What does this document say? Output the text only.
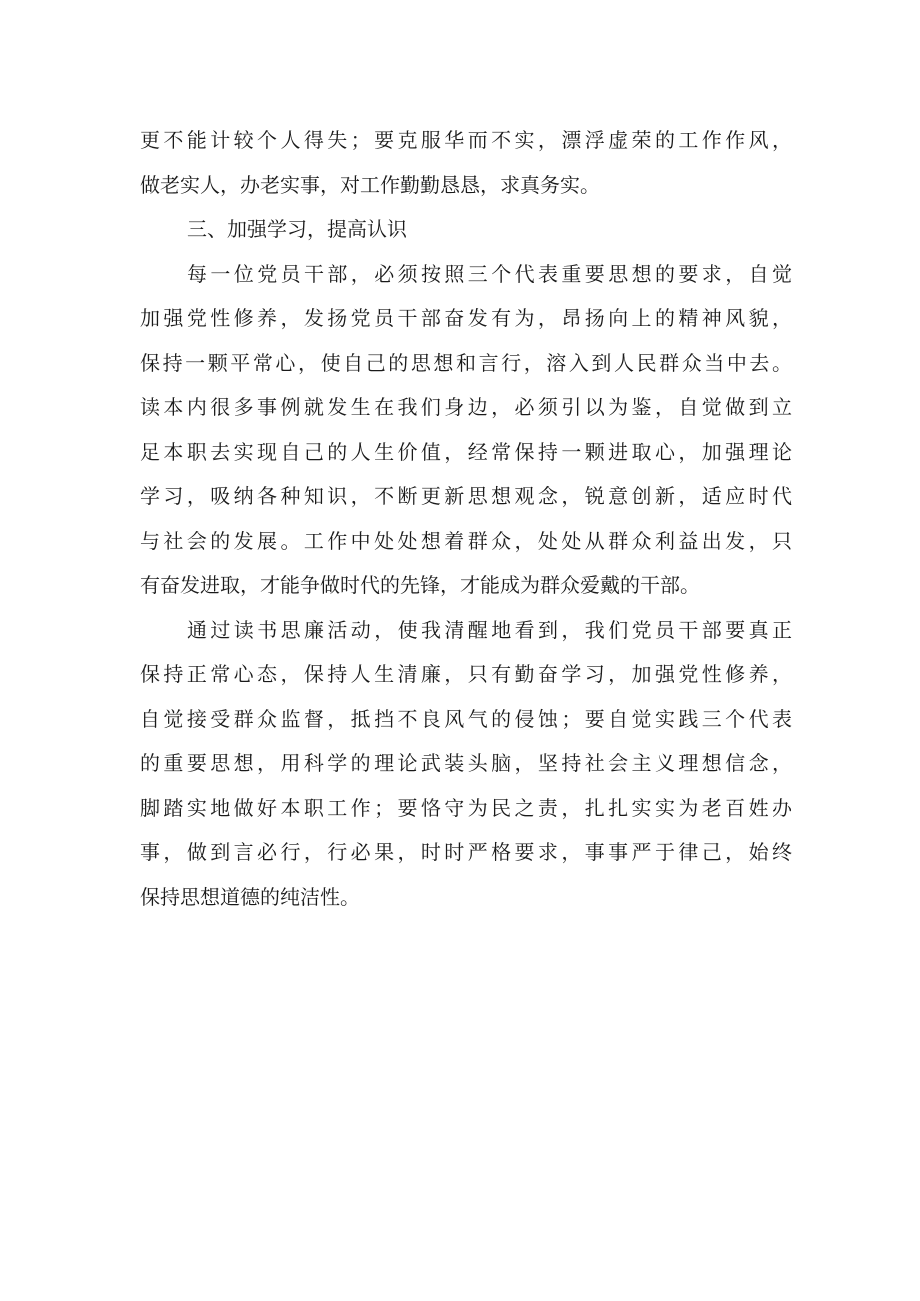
更不能计较个人得失；要克服华而不实，漂浮虚荣的工作作风，
做老实人，办老实事，对工作勤勤恳恳，求真务实。
三、加强学习，提高认识
每一位党员干部，必须按照三个代表重要思想的要求，自觉
加强党性修养，发扬党员干部奋发有为，昂扬向上的精神风貌，
保持一颗平常心，使自己的思想和言行，溶入到人民群众当中去。
读本内很多事例就发生在我们身边，必须引以为鉴，自觉做到立
足本职去实现自己的人生价值，经常保持一颗进取心，加强理论
学习，吸纳各种知识，不断更新思想观念，锐意创新，适应时代
与社会的发展。工作中处处想着群众，处处从群众利益出发，只
有奋发进取，才能争做时代的先锋，才能成为群众爱戴的干部。
通过读书思廉活动，使我清醒地看到，我们党员干部要真正
保持正常心态，保持人生清廉，只有勤奋学习，加强党性修养，
自觉接受群众监督，抵挡不良风气的侵蚀；要自觉实践三个代表
的重要思想，用科学的理论武装头脑，坚持社会主义理想信念，
脚踏实地做好本职工作；要恪守为民之责，扎扎实实为老百姓办
事，做到言必行，行必果，时时严格要求，事事严于律己，始终
保持思想道德的纯洁性。
